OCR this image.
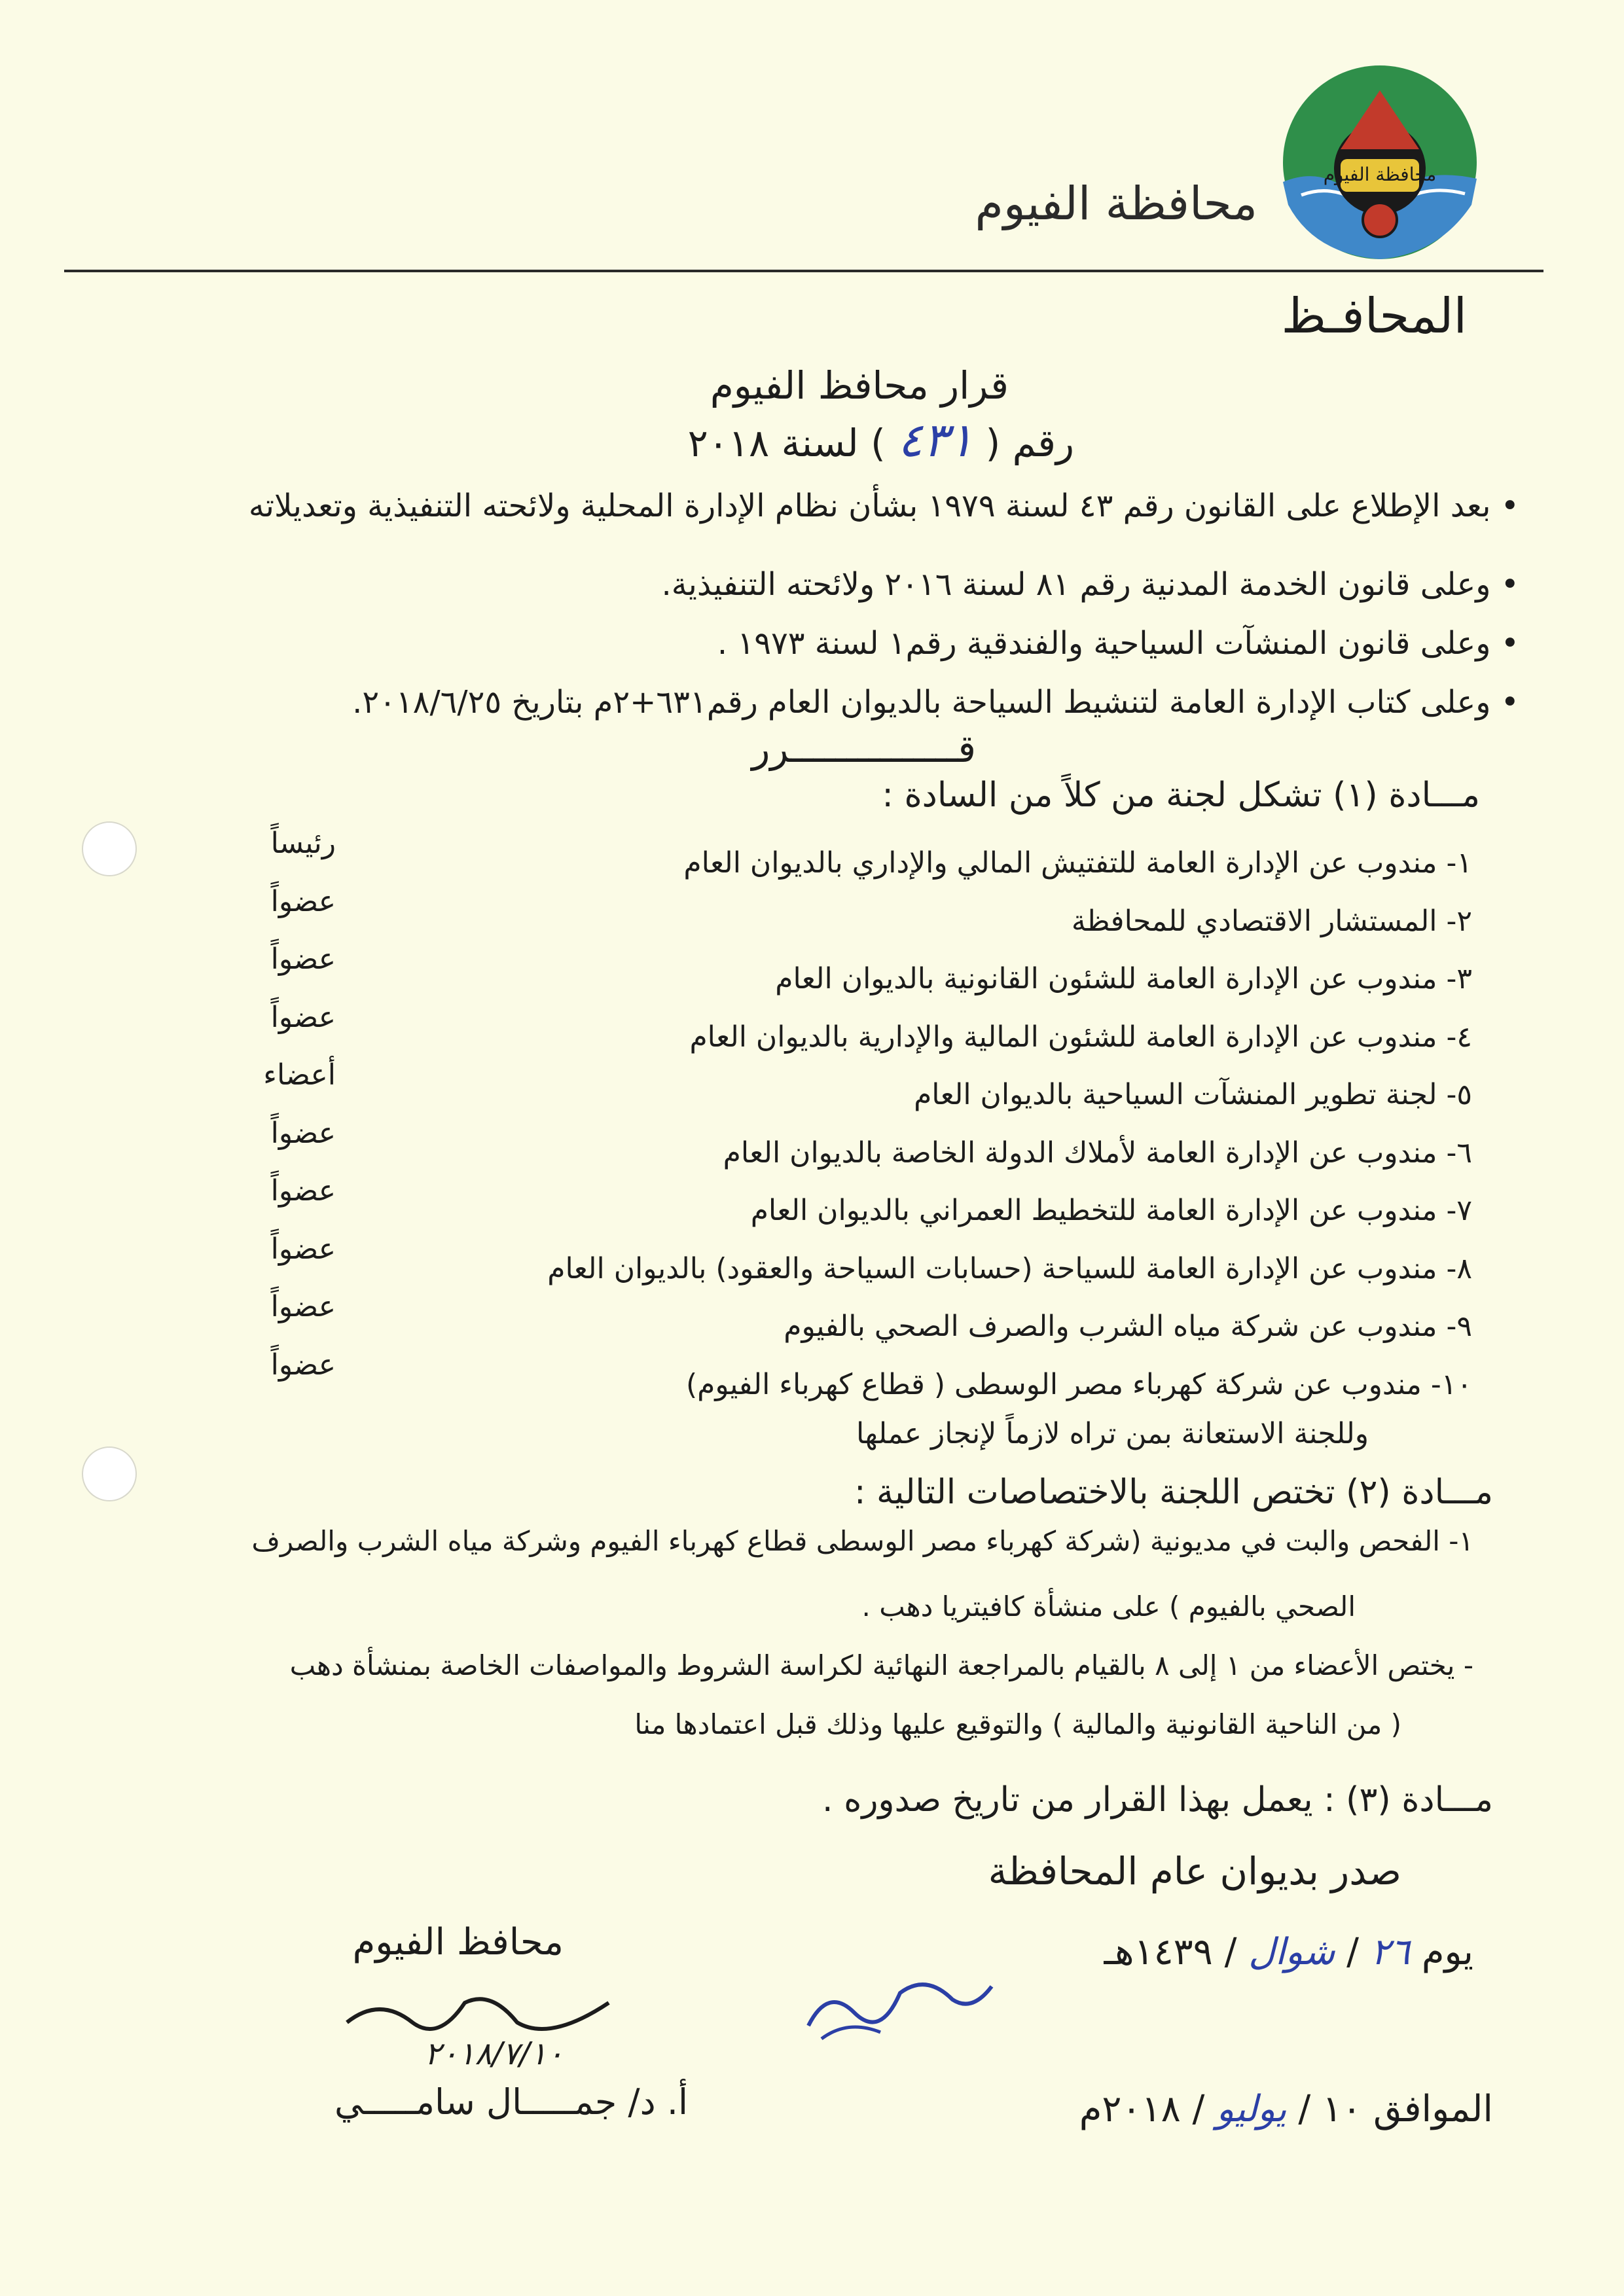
محافظة الفيوم
محافظة الفيوم
المحافـظ
قرار محافظ الفيوم
رقم ( ٤٣١ ) لسنة ٢٠١٨
• بعد الإطلاع على القانون رقم ٤٣ لسنة ١٩٧٩ بشأن نظام الإدارة المحلية ولائحته التنفيذية وتعديلاته
• وعلى قانون الخدمة المدنية رقم ٨١ لسنة ٢٠١٦ ولائحته التنفيذية.
• وعلى قانون المنشآت السياحية والفندقية رقم١ لسنة ١٩٧٣ .
• وعلى كتاب الإدارة العامة لتنشيط السياحة بالديوان العام رقم٦٣١+٢م بتاريخ ٢٠١٨/٦/٢٥.
قـــــــــــــــرر
مـــادة (١) تشكل لجنة من كلاً من السادة :
١- مندوب عن الإدارة العامة للتفتيش المالي والإداري بالديوان العام
٢- المستشار الاقتصادي للمحافظة
٣- مندوب عن الإدارة العامة للشئون القانونية بالديوان العام
٤- مندوب عن الإدارة العامة للشئون المالية والإدارية بالديوان العام
٥- لجنة تطوير المنشآت السياحية بالديوان العام
٦- مندوب عن الإدارة العامة لأملاك الدولة الخاصة بالديوان العام
٧- مندوب عن الإدارة العامة للتخطيط العمراني بالديوان العام
٨- مندوب عن الإدارة العامة للسياحة (حسابات السياحة والعقود) بالديوان العام
٩- مندوب عن شركة مياه الشرب والصرف الصحي بالفيوم
١٠- مندوب عن شركة كهرباء مصر الوسطى ( قطاع كهرباء الفيوم)
رئيساً
عضواً
عضواً
عضواً
أعضاء
عضواً
عضواً
عضواً
عضواً
عضواً
وللجنة الاستعانة بمن تراه لازماً لإنجاز عملها
مـــادة (٢) تختص اللجنة بالاختصاصات التالية :
١- الفحص والبت في مديونية (شركة كهرباء مصر الوسطى قطاع كهرباء الفيوم وشركة مياه الشرب والصرف
الصحي بالفيوم ) على منشأة كافيتريا دهب .
- يختص الأعضاء من ١ إلى ٨ بالقيام بالمراجعة النهائية لكراسة الشروط والمواصفات الخاصة بمنشأة دهب
( من الناحية القانونية والمالية ) والتوقيع عليها وذلك قبل اعتمادها منا
مـــادة (٣) : يعمل بهذا القرار من تاريخ صدوره .
صدر بديوان عام المحافظة
يوم ٢٦ / شوال / ١٤٣٩هـ
الموافق ١٠ / يوليو / ٢٠١٨م
محافظ الفيوم
٢٠١٨/٧/١٠
أ. د/ جمـــــال سامـــــي
